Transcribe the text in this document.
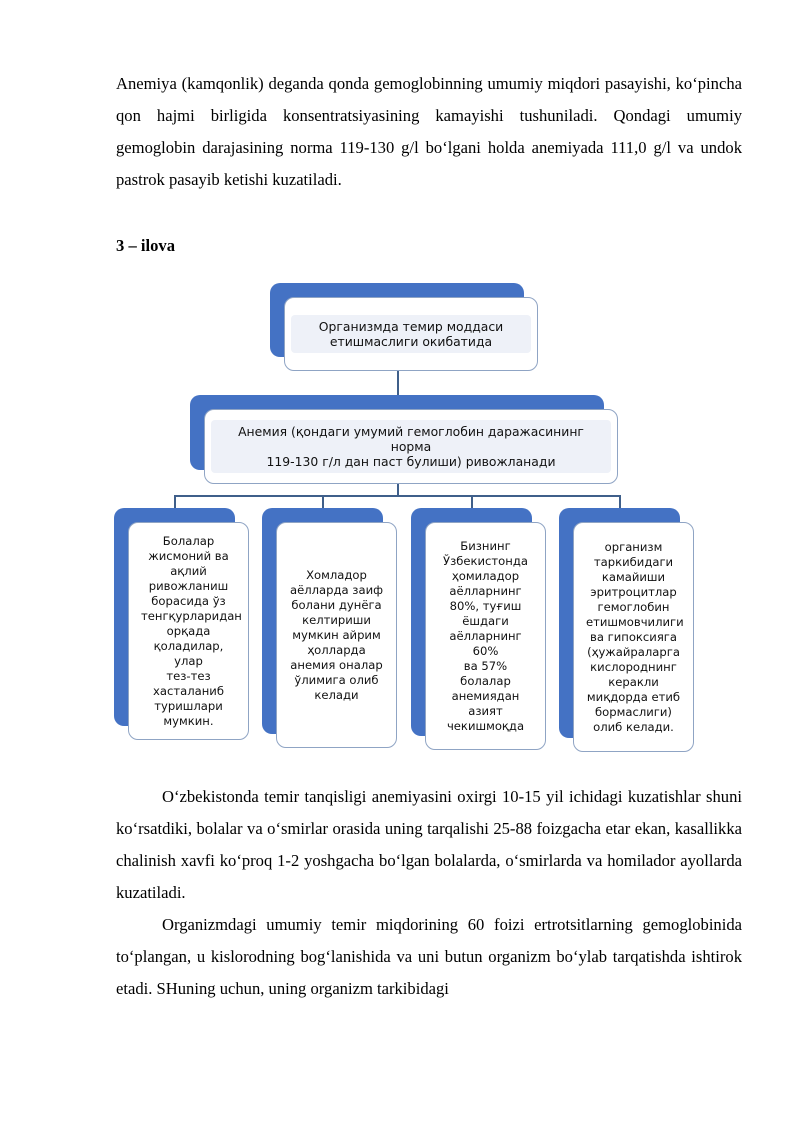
Anemiya (kamqonlik) deganda qonda gemoglobinning umumiy miqdori pasayishi, ko‘pincha qon hajmi birligida konsentratsiyasining kamayishi tushuniladi. Qondagi umumiy gemoglobin darajasining norma 119-130 g/l bo‘lgani holda anemiyada 111,0 g/l va undok pastrok pasayib ketishi kuzatiladi.

3 – ilova

Организмда темир моддаси
етишмаслиги окибатида
Анемия (қондаги умумий гемоглобин даражасининг норма
119-130 г/л дан паст булиши) ривожланади
Болалар
жисмоний ва
ақлий
ривожланиш
борасида ўз
тенгқурларидан
орқада
қоладилар, улар
тез-тез
хасталаниб
туришлари
мумкин.
Хомладор
аёлларда заиф
болани дунёга
келтириши
мумкин айрим
ҳолларда
анемия оналар
ўлимига олиб
келади
Бизнинг
Ўзбекистонда
ҳомиладор
аёлларнинг
80%, туғиш
ёшдаги
аёлларнинг 60%
ва 57% болалар
анемиядан
азият
чекишмоқда
организм
таркибидаги
камайиши
эритроцитлар
гемоглобин
етишмовчилиги
ва гипоксияга
(ҳужайраларга
кислороднинг
керакли
миқдорда етиб
бормаслиги)
олиб келади.

O‘zbekistonda temir tanqisligi anemiyasini oxirgi 10-15 yil ichidagi kuzatishlar shuni ko‘rsatdiki, bolalar va o‘smirlar orasida uning tarqalishi 25-88 foizgacha etar ekan, kasallikka chalinish xavfi ko‘proq 1-2 yoshgacha bo‘lgan bolalarda, o‘smirlarda va homilador ayollarda kuzatiladi.

Organizmdagi umumiy temir miqdorining 60 foizi ertrotsitlarning gemoglobinida to‘plangan, u kislorodning bog‘lanishida va uni butun organizm bo‘ylab tarqatishda ishtirok etadi. SHuning uchun, uning organizm tarkibidagi
